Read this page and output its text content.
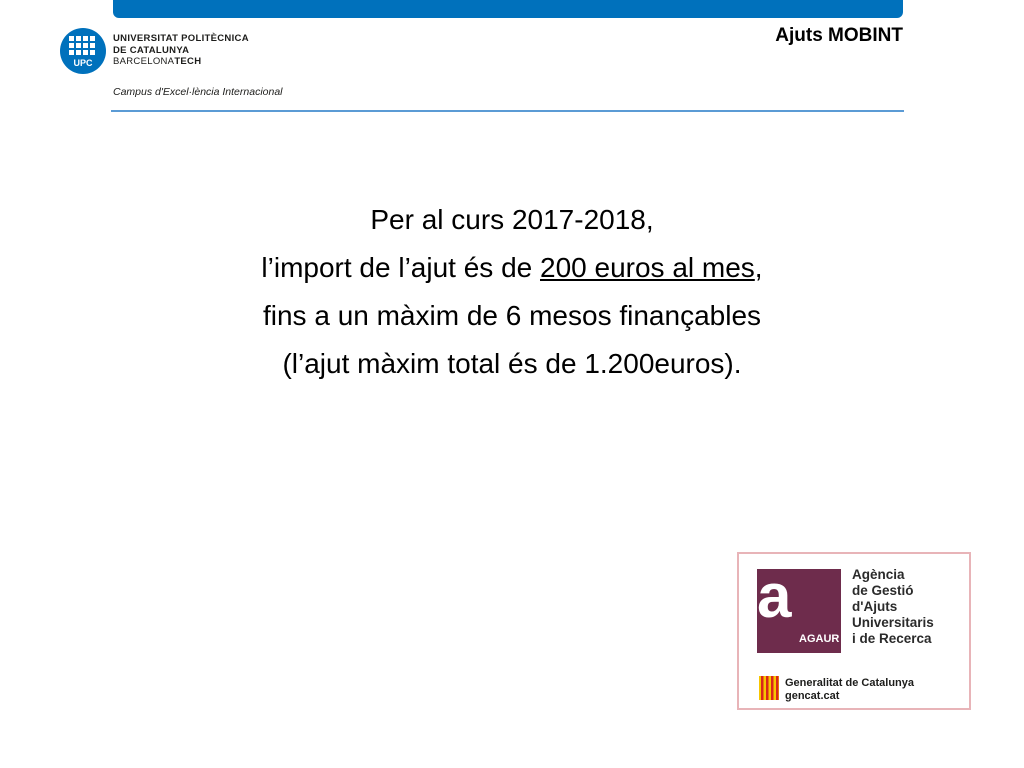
Ajuts MOBINT
UPC
UNIVERSITAT POLITÈCNICA
DE CATALUNYA
BARCELONATECH
Campus d'Excel·lència Internacional
Per al curs 2017-2018,
l’import de l’ajut és de 200 euros al mes,
fins a un màxim de 6 mesos finançables
(l’ajut màxim total és de 1.200euros).
a
AGAUR
Agència
de Gestió
d'Ajuts
Universitaris
i de Recerca
Generalitat de Catalunya
gencat.cat
